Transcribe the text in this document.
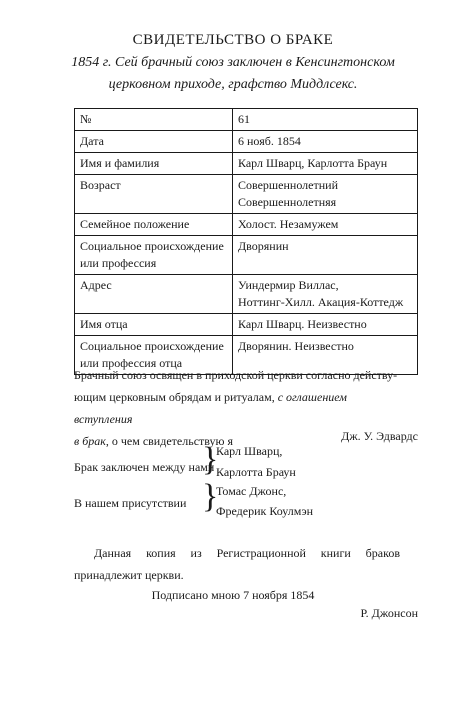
СВИДЕТЕЛЬСТВО О БРАКЕ
1854 г. Сей брачный союз заключен в Кенсингтонском
церковном приходе, графство Миддлсекс.
№	61

Дата	6 нояб. 1854

Имя и фамилия	Карл Шварц, Карлотта Браун

Возраст	Совершеннолетний
Совершеннолетняя

Семейное положение	Холост. Незамужем

Социальное происхождение
или профессия	Дворянин

Адрес	Уиндермир Виллас,
Ноттинг-Хилл. Акация-Коттедж

Имя отца	Карл Шварц. Неизвестно

Социальное происхождение
или профессия отца	Дворянин. Неизвестно
Брачный союз освящен в приходской церкви согласно действу-
ющим церковным обрядам и ритуалам, с оглашением вступления
в брак, о чем свидетельствую я	Дж. У. Эдвардс
Брак заключен между нами
}
Карл Шварц,
Карлотта Браун
В нашем присутствии }
Томас Джонс,
Фредерик Коулмэн
Данная копия из Регистрационной книги браков принадлежит церкви.
Подписано мною 7 ноября 1854
Р. Джонсон
